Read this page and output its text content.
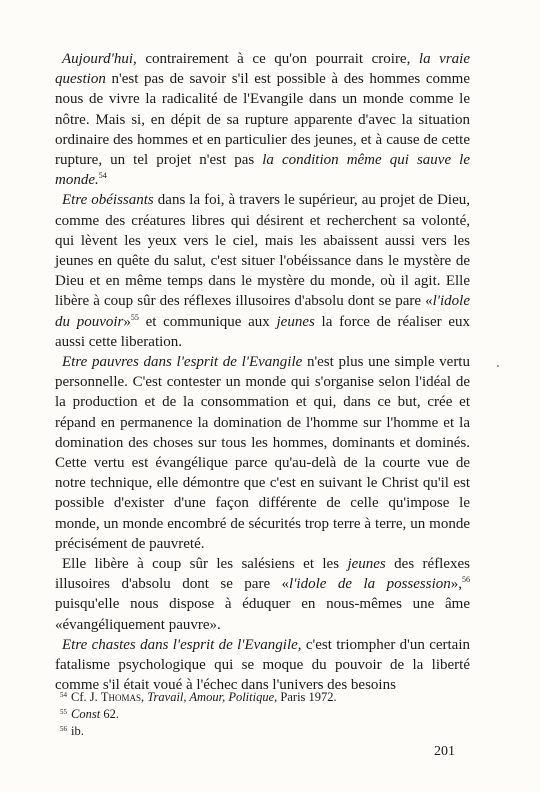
Aujourd'hui, contrairement à ce qu'on pourrait croire, la vraie question n'est pas de savoir s'il est possible à des hommes comme nous de vivre la radicalité de l'Evangile dans un monde comme le nôtre. Mais si, en dépit de sa rupture apparente d'avec la situation ordinaire des hommes et en particulier des jeunes, et à cause de cette rupture, un tel projet n'est pas la condition même qui sauve le monde.$^{54}$

Etre obéissants dans la foi, à travers le supérieur, au projet de Dieu, comme des créatures libres qui désirent et recherchent sa volonté, qui lèvent les yeux vers le ciel, mais les abaissent aussi vers les jeunes en quête du salut, c'est situer l'obéissance dans le mystère de Dieu et en même temps dans le mystère du monde, où il agit. Elle libère à coup sûr des réflexes illusoires d'absolu dont se pare «l'idole du pouvoir»$^{55}$ et communique aux jeunes la force de réaliser eux aussi cette liberation.

Etre pauvres dans l'esprit de l'Evangile n'est plus une simple vertu personnelle. C'est contester un monde qui s'organise selon l'idéal de la production et de la consommation et qui, dans ce but, crée et répand en permanence la domination de l'homme sur l'homme et la domination des choses sur tous les hommes, dominants et dominés. Cette vertu est évangélique parce qu'au-delà de la courte vue de notre technique, elle démontre que c'est en suivant le Christ qu'il est possible d'exister d'une façon différente de celle qu'impose le monde, un monde encombré de sécurités trop terre à terre, un monde précisément de pauvreté.

Elle libère à coup sûr les salésiens et les jeunes des réflexes illusoires d'absolu dont se pare «l'idole de la possession»,$^{56}$ puisqu'elle nous dispose à éduquer en nous-mêmes une âme «évangéliquement pauvre».

Etre chastes dans l'esprit de l'Evangile, c'est triompher d'un certain fatalisme psychologique qui se moque du pouvoir de la liberté comme s'il était voué à l'échec dans l'univers des besoins

$^{54}$ Cf. J. Thomas, Travail, Amour, Politique, Paris 1972.

$^{55}$ Const 62.

$^{56}$ ib.

201
